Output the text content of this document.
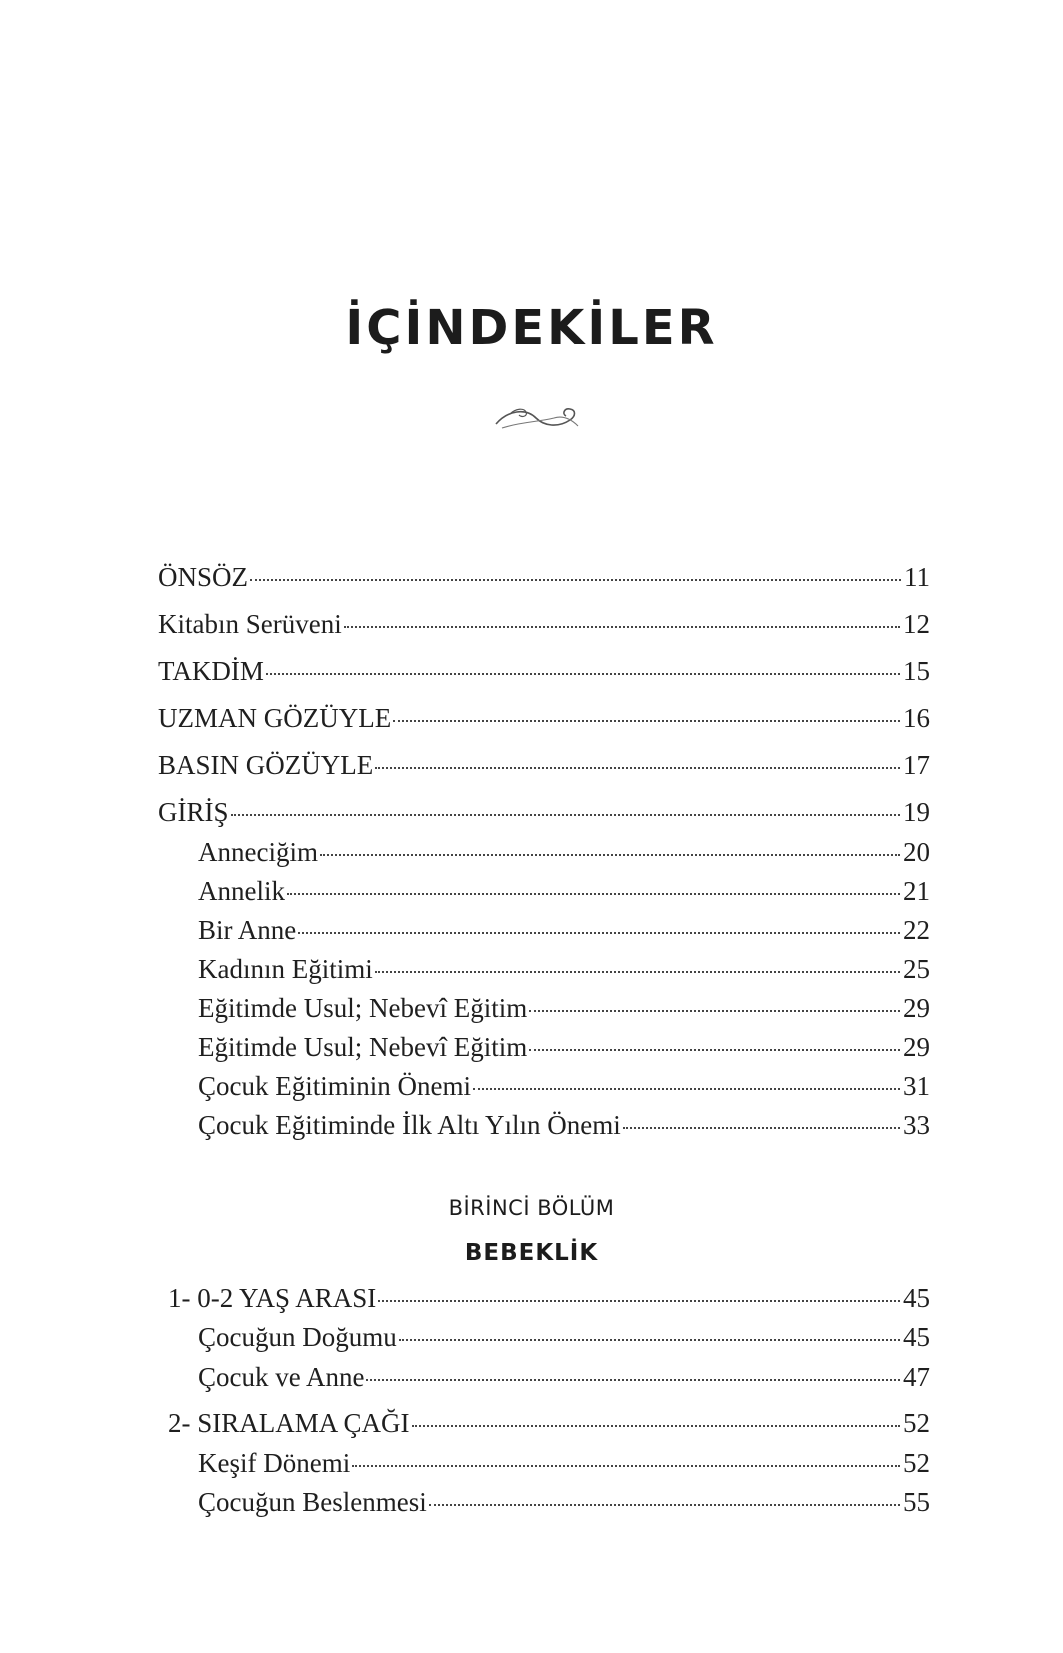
İÇİNDEKİLER
ÖNSÖZ	11
Kitabın Serüveni	12
TAKDİM	15
UZMAN GÖZÜYLE	16
BASIN GÖZÜYLE	17
GİRİŞ	19
Anneciğim	20
Annelik	21
Bir Anne	22
Kadının Eğitimi	25
Eğitimde Usul; Nebevî Eğitim	29
Eğitimde Usul; Nebevî Eğitim	29
Çocuk Eğitiminin Önemi	31
Çocuk Eğitiminde İlk Altı Yılın Önemi	33
BİRİNCİ BÖLÜM
BEBEKLİK
1- 0-2 YAŞ ARASI	45
Çocuğun Doğumu	45
Çocuk ve Anne	47
2- SIRALAMA ÇAĞI	52
Keşif Dönemi	52
Çocuğun Beslenmesi	55
